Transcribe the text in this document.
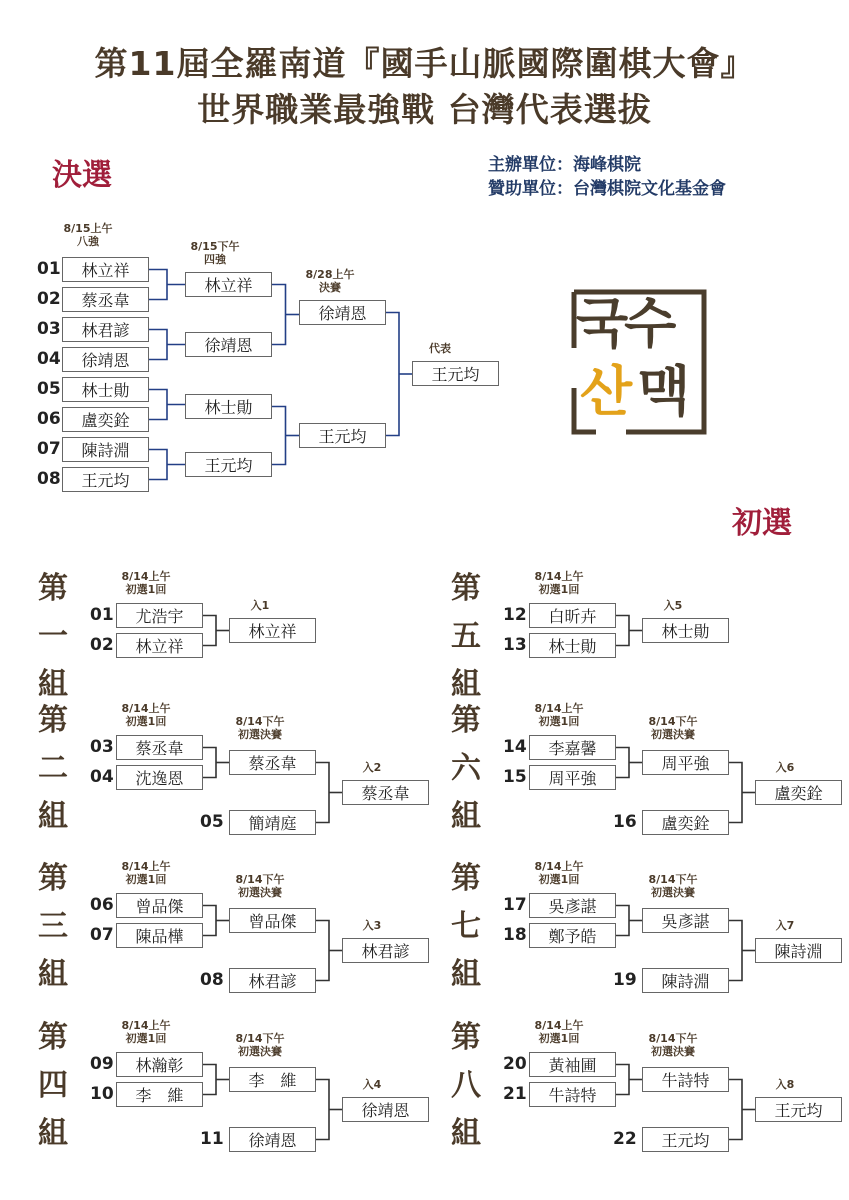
第11屆全羅南道『國手山脈國際圍棋大會』
世界職業最強戰 台灣代表選拔
決選	主辦單位：海峰棋院
贊助單位：台灣棋院文化基金會
국수
산 맥
初選
01	林立祥
02	蔡丞韋
03	林君諺
04	徐靖恩
05	林士勛
06	盧奕銓
07	陳詩淵
08	王元均
8/15上午
八強
林立祥
徐靖恩
林士勛
王元均
8/15下午
四強
徐靖恩
王元均
8/28上午
決賽
王元均
代表
第
一
組
8/14上午
初選1回
01	尤浩宇
02	林立祥
林立祥
入1
第
二
組
8/14上午
初選1回
03	蔡丞韋
04	沈逸恩
8/14下午
初選決賽
蔡丞韋
05	簡靖庭
蔡丞韋
入2
第
三
組
8/14上午
初選1回
06	曾品傑
07	陳品樺
8/14下午
初選決賽
曾品傑
08	林君諺
林君諺
入3
第
四
組
8/14上午
初選1回
09	林瀚彰
10	李　維
8/14下午
初選決賽
李　維
11	徐靖恩
徐靖恩
入4
第
五
組
8/14上午
初選1回
12	白昕卉
13	林士勛
林士勛
入5
第
六
組
8/14上午
初選1回
14	李嘉馨
15	周平強
8/14下午
初選決賽
周平強
16	盧奕銓
盧奕銓
入6
第
七
組
8/14上午
初選1回
17	吳彥諶
18	鄭予皓
8/14下午
初選決賽
吳彥諶
19	陳詩淵
陳詩淵
入7
第
八
組
8/14上午
初選1回
20	黃袖圃
21	牛詩特
8/14下午
初選決賽
牛詩特
22	王元均
王元均
入8
